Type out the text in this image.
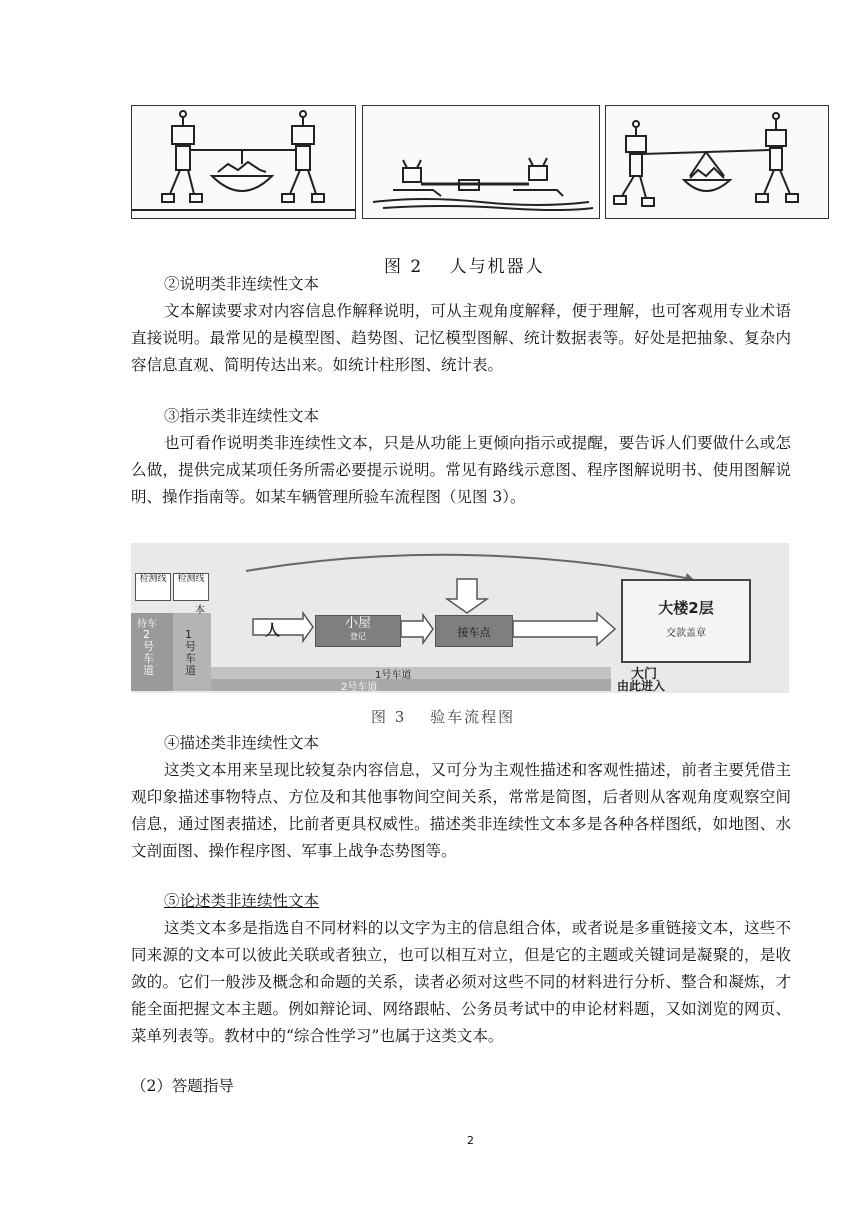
图 2　 人与机器人
②说明类非连续性文本
文本解读要求对内容信息作解释说明，可从主观角度解释，便于理解，也可客观用专业术语直接说明。最常见的是模型图、趋势图、记忆模型图解、统计数据表等。好处是把抽象、复杂内容信息直观、简明传达出来。如统计柱形图、统计表。
③指示类非连续性文本
也可看作说明类非连续性文本，只是从功能上更倾向指示或提醒，要告诉人们要做什么或怎么做，提供完成某项任务所需必要提示说明。常见有路线示意图、程序图解说明书、使用图解说明、操作指南等。如某车辆管理所验车流程图（见图 3）。
检测线	检测线
本
待车
2号车道
1号车道
人	小屋
登记	接车点
大楼2层
交款盖章
1号车道
2号车道
大门
由此进入
图 3　 验车流程图
④描述类非连续性文本
这类文本用来呈现比较复杂内容信息，又可分为主观性描述和客观性描述，前者主要凭借主观印象描述事物特点、方位及和其他事物间空间关系，常常是简图，后者则从客观角度观察空间信息，通过图表描述，比前者更具权威性。描述类非连续性文本多是各种各样图纸，如地图、水文剖面图、操作程序图、军事上战争态势图等。
⑤论述类非连续性文本
这类文本多是指选自不同材料的以文字为主的信息组合体，或者说是多重链接文本，这些不同来源的文本可以彼此关联或者独立，也可以相互对立，但是它的主题或关键词是凝聚的，是收敛的。它们一般涉及概念和命题的关系，读者必须对这些不同的材料进行分析、整合和凝炼，才能全面把握文本主题。例如辩论词、网络跟帖、公务员考试中的申论材料题，又如浏览的网页、菜单列表等。教材中的“综合性学习”也属于这类文本。
（2）答题指导
2
